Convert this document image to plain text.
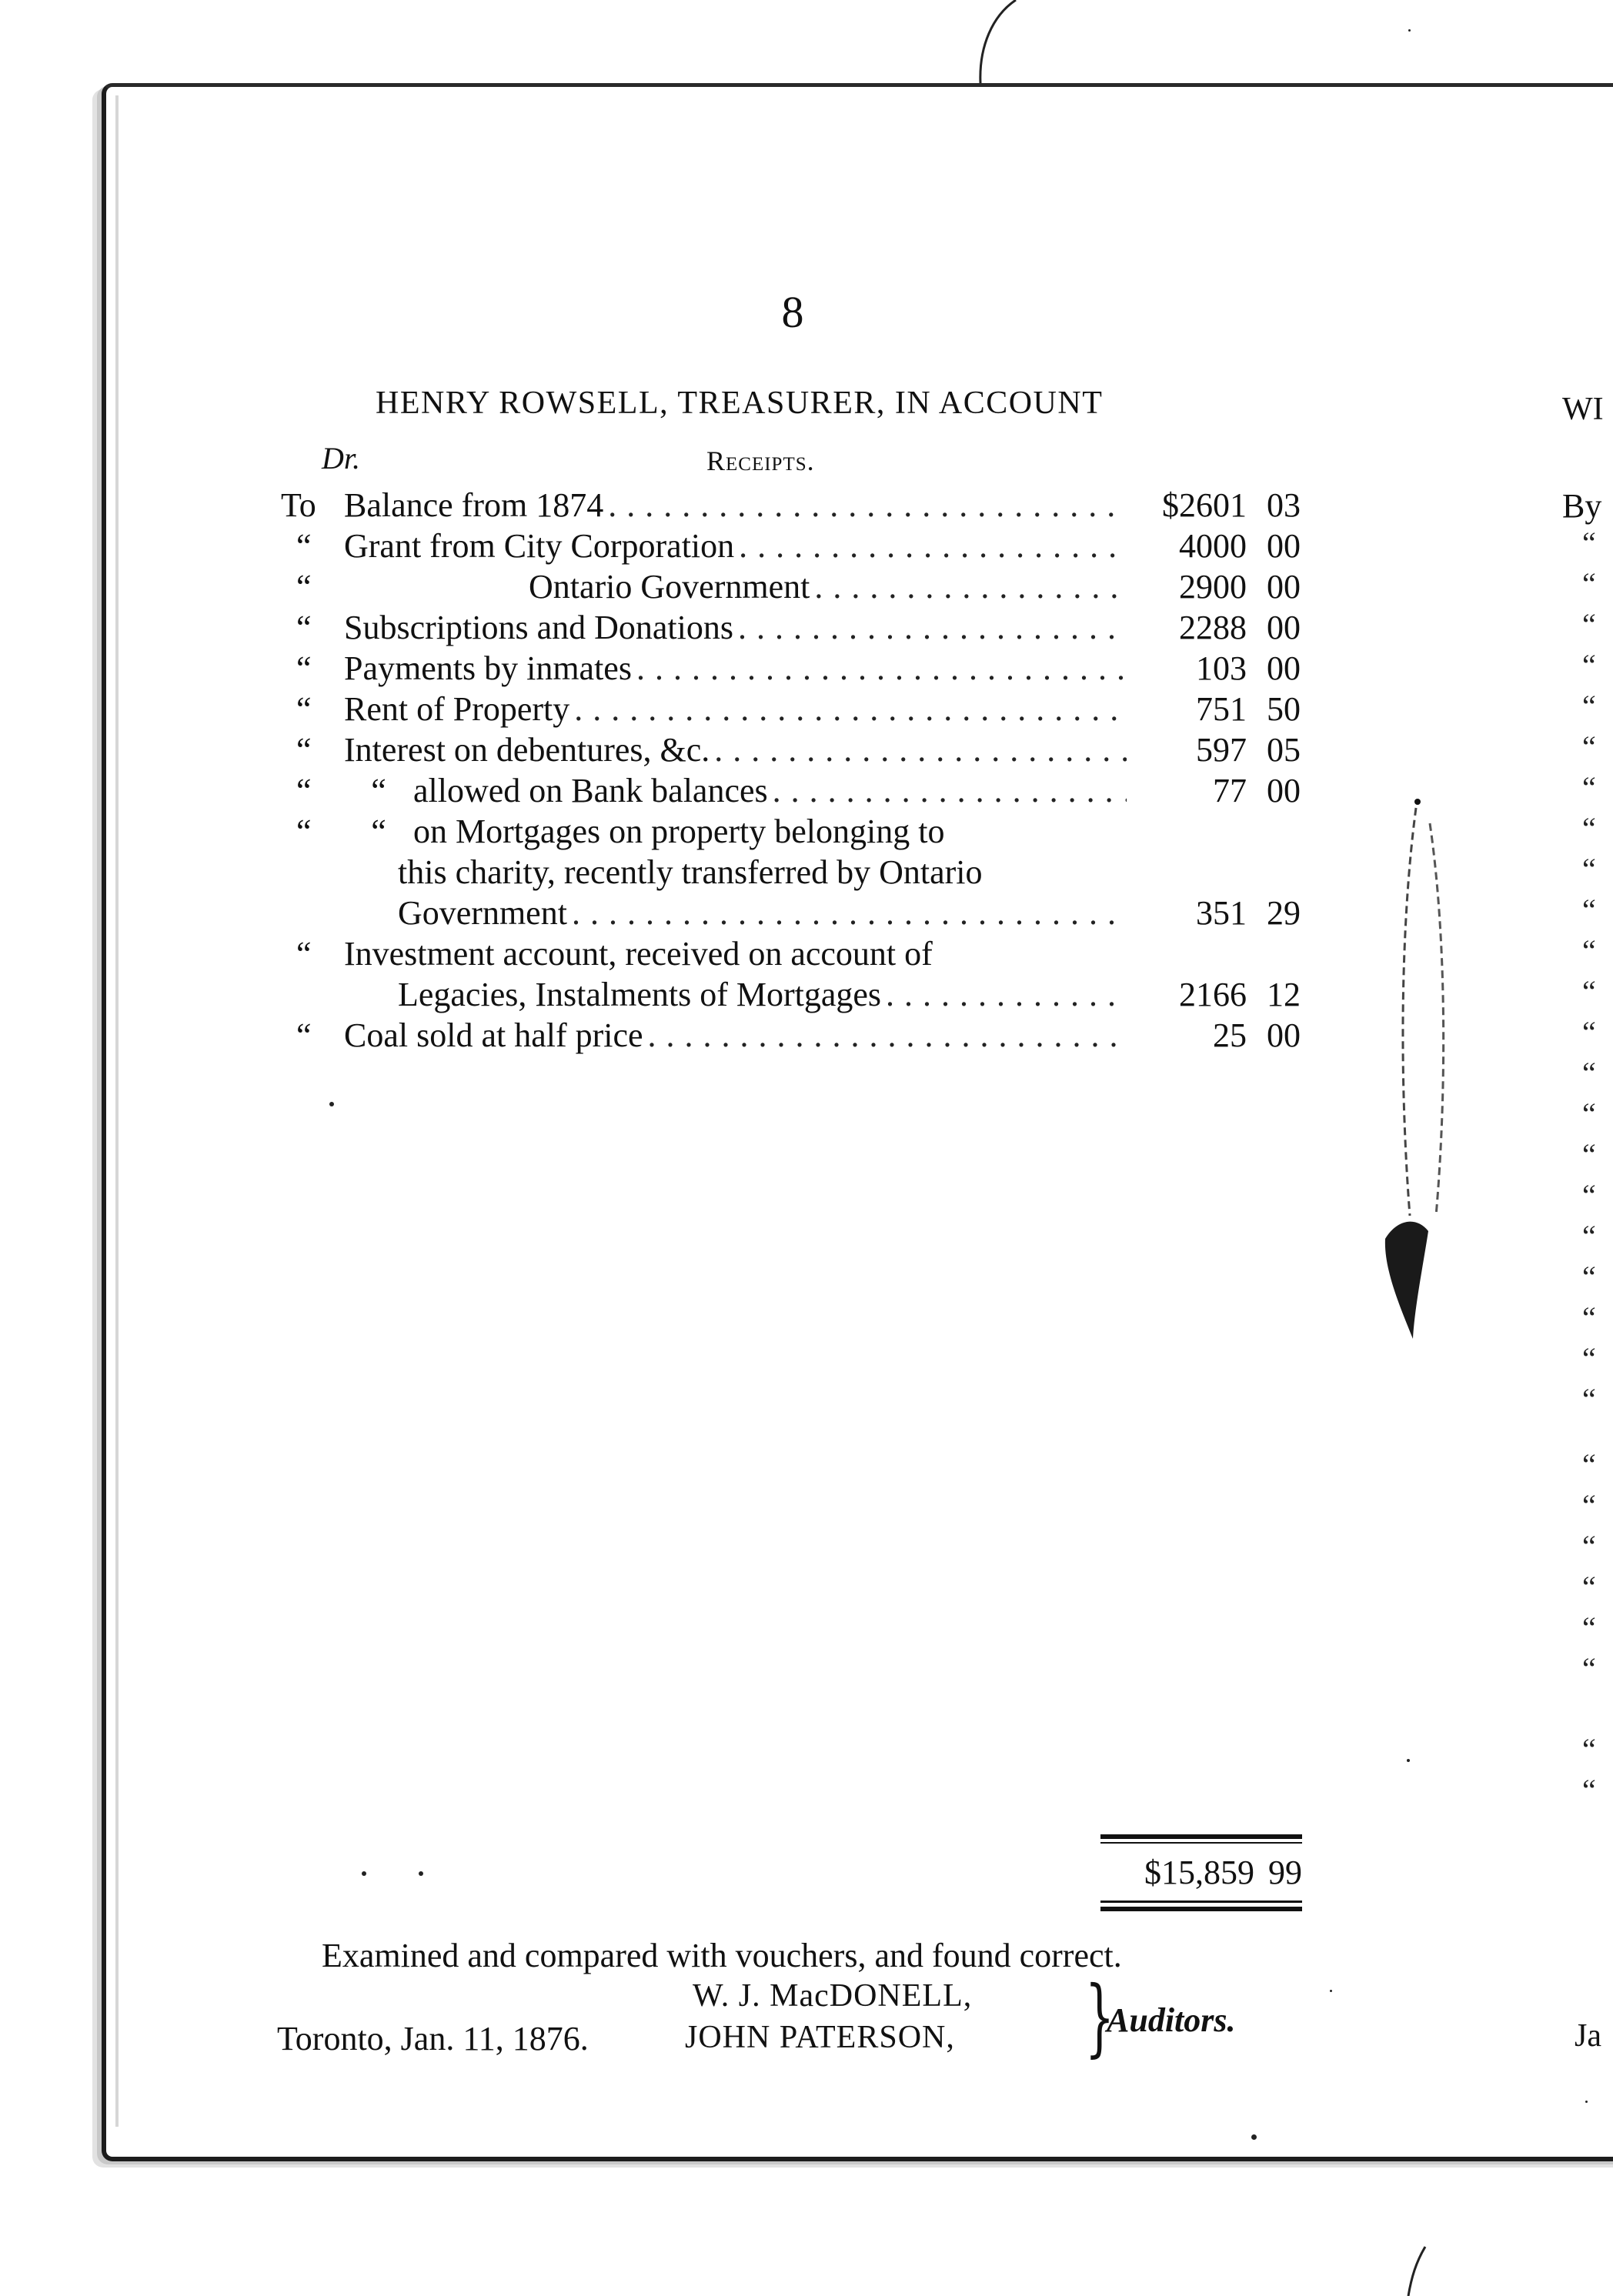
8
HENRY ROWSELL, TREASURER, IN ACCOUNT
Dr.	Receipts.
To Balance from 1874 . . .	$2601 03
“ Grant from City Corporation . . .	4000 00
“	Ontario Government . . .	2900 00
“ Subscriptions and Donations . . .	2288 00
“ Payments by inmates . . .	103 00
“ Rent of Property . . .	751 50
“ Interest on debentures, &c. . . .	597 05
“	“ allowed on Bank balances . . .	77 00
“	“ on Mortgages on property belonging to
this charity, recently transferred by Ontario
Government . . .	351 29
“ Investment account, received on account of
Legacies, Instalments of Mortgages . . .	2166 12
“ Coal sold at half price . . .	25 00
$15,859 99
Examined and compared with vouchers, and found correct.
W. J. MacDONELL,
Toronto, Jan. 11, 1876.	JOHN PATERSON, }
Auditors.
WI
By
“
“
“
“
“
“
“
“
“
“
“
“
“
“
“
“
“
“
“
“
“
“
“
“
“
“
“
“
“
“
Ja
